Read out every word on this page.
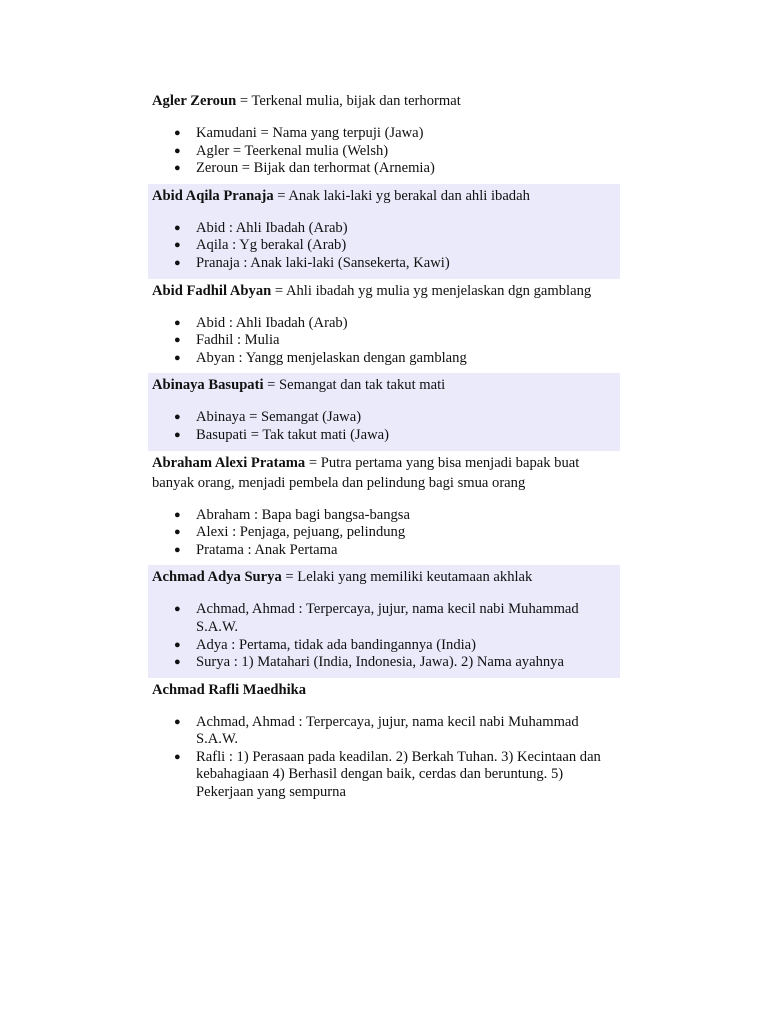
Agler Zeroun = Terkenal mulia, bijak dan terhormat

● Kamudani = Nama yang terpuji (Jawa)
● Agler = Teerkenal mulia (Welsh)
● Zeroun = Bijak dan terhormat (Arnemia)

Abid Aqila Pranaja = Anak laki-laki yg berakal dan ahli ibadah

● Abid : Ahli Ibadah (Arab)
● Aqila : Yg berakal (Arab)
● Pranaja : Anak laki-laki (Sansekerta, Kawi)

Abid Fadhil Abyan = Ahli ibadah yg mulia yg menjelaskan dgn gamblang

● Abid : Ahli Ibadah (Arab)
● Fadhil : Mulia
● Abyan : Yangg menjelaskan dengan gamblang

Abinaya Basupati = Semangat dan tak takut mati

● Abinaya = Semangat (Jawa)
● Basupati = Tak takut mati (Jawa)

Abraham Alexi Pratama = Putra pertama yang bisa menjadi bapak buat banyak orang, menjadi pembela dan pelindung bagi smua orang

● Abraham : Bapa bagi bangsa-bangsa
● Alexi : Penjaga, pejuang, pelindung
● Pratama : Anak Pertama

Achmad Adya Surya = Lelaki yang memiliki keutamaan akhlak

● Achmad, Ahmad : Terpercaya, jujur, nama kecil nabi Muhammad S.A.W.
● Adya : Pertama, tidak ada bandingannya (India)
● Surya : 1) Matahari (India, Indonesia, Jawa). 2) Nama ayahnya

Achmad Rafli Maedhika

● Achmad, Ahmad : Terpercaya, jujur, nama kecil nabi Muhammad S.A.W.
● Rafli : 1) Perasaan pada keadilan. 2) Berkah Tuhan. 3) Kecintaan dan kebahagiaan 4) Berhasil dengan baik, cerdas dan beruntung. 5) Pekerjaan yang sempurna
